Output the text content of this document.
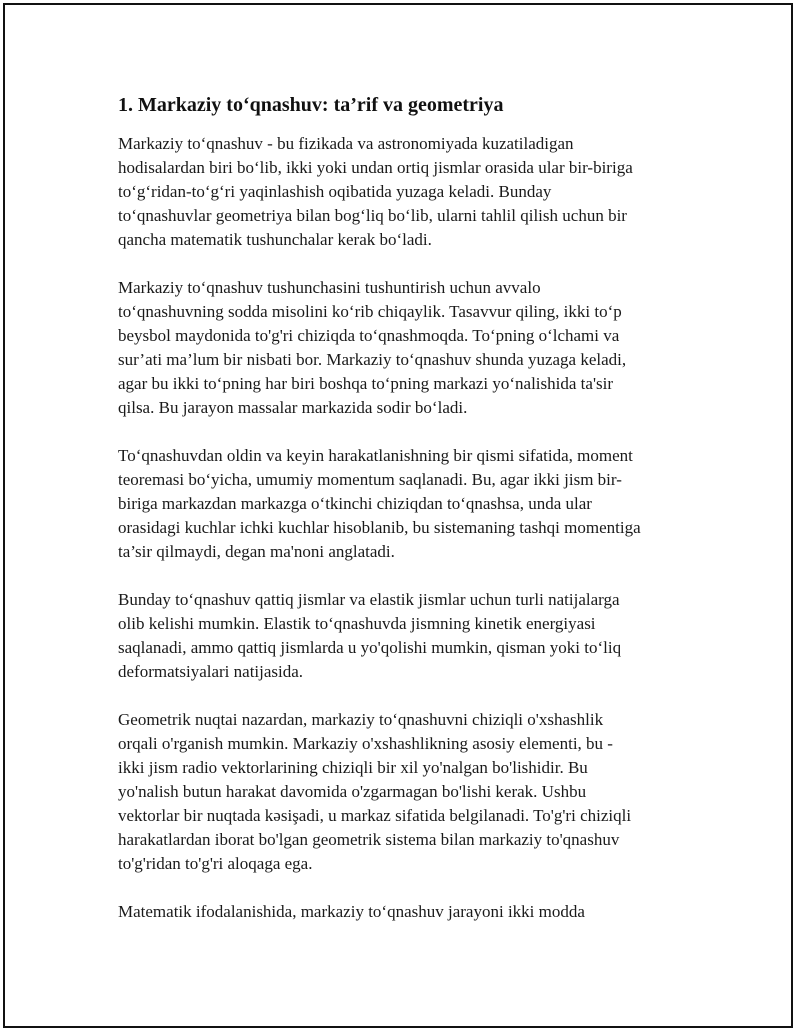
1. Markaziy to‘qnashuv: ta’rif va geometriya

Markaziy to‘qnashuv - bu fizikada va astronomiyada kuzatiladigan
hodisalardan biri bo‘lib, ikki yoki undan ortiq jismlar orasida ular bir-biriga
to‘g‘ridan-to‘g‘ri yaqinlashish oqibatida yuzaga keladi. Bunday
to‘qnashuvlar geometriya bilan bog‘liq bo‘lib, ularni tahlil qilish uchun bir
qancha matematik tushunchalar kerak bo‘ladi.

Markaziy to‘qnashuv tushunchasini tushuntirish uchun avvalo
to‘qnashuvning sodda misolini ko‘rib chiqaylik. Tasavvur qiling, ikki to‘p
beysbol maydonida to'g'ri chiziqda to‘qnashmoqda. To‘pning o‘lchami va
sur’ati ma’lum bir nisbati bor. Markaziy to‘qnashuv shunda yuzaga keladi,
agar bu ikki to‘pning har biri boshqa to‘pning markazi yo‘nalishida ta'sir
qilsa. Bu jarayon massalar markazida sodir bo‘ladi.

To‘qnashuvdan oldin va keyin harakatlanishning bir qismi sifatida, moment
teoremasi bo‘yicha, umumiy momentum saqlanadi. Bu, agar ikki jism bir-
biriga markazdan markazga o‘tkinchi chiziqdan to‘qnashsa, unda ular
orasidagi kuchlar ichki kuchlar hisoblanib, bu sistemaning tashqi momentiga
ta’sir qilmaydi, degan ma'noni anglatadi.

Bunday to‘qnashuv qattiq jismlar va elastik jismlar uchun turli natijalarga
olib kelishi mumkin. Elastik to‘qnashuvda jismning kinetik energiyasi
saqlanadi, ammo qattiq jismlarda u yo'qolishi mumkin, qisman yoki to‘liq
deformatsiyalari natijasida.

Geometrik nuqtai nazardan, markaziy to‘qnashuvni chiziqli o'xshashlik
orqali o'rganish mumkin. Markaziy o'xshashlikning asosiy elementi, bu -
ikki jism radio vektorlarining chiziqli bir xil yo'nalgan bo'lishidir. Bu
yo'nalish butun harakat davomida o'zgarmagan bo'lishi kerak. Ushbu
vektorlar bir nuqtada kəsişadi, u markaz sifatida belgilanadi. To'g'ri chiziqli
harakatlardan iborat bo'lgan geometrik sistema bilan markaziy to'qnashuv
to'g'ridan to'g'ri aloqaga ega.

Matematik ifodalanishida, markaziy to‘qnashuv jarayoni ikki modda
